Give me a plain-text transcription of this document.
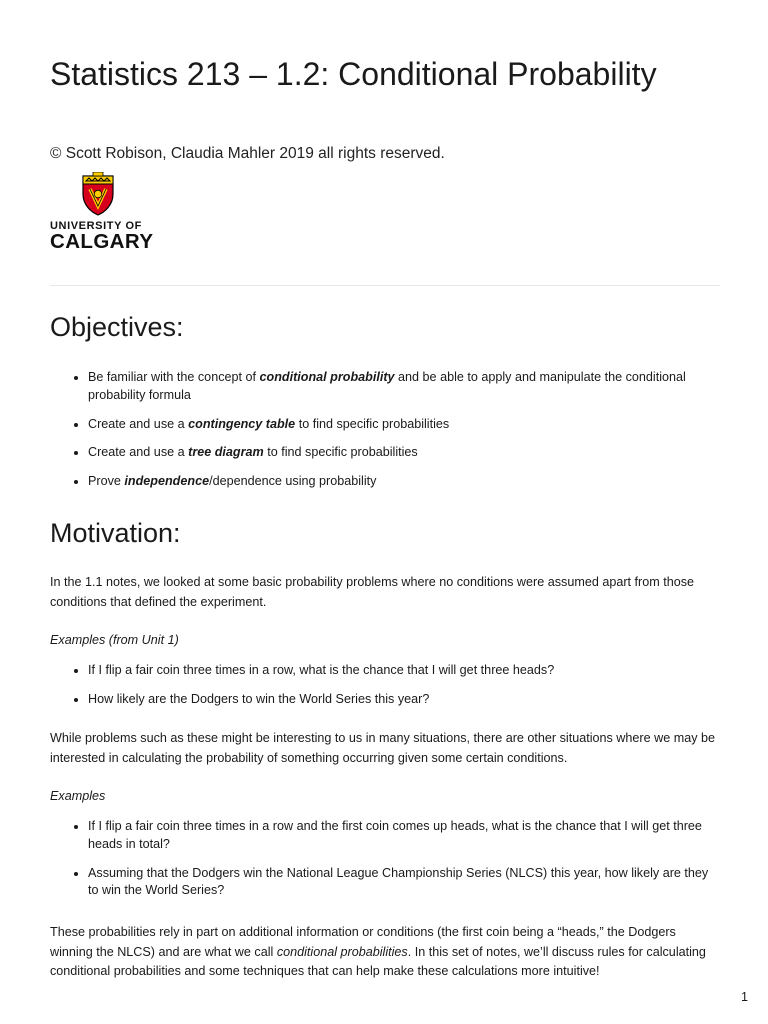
Statistics 213 – 1.2: Conditional Probability

© Scott Robison, Claudia Mahler 2019 all rights reserved.

UNIVERSITY OF
CALGARY
Objectives:
• Be familiar with the concept of conditional probability and be able to apply and manipulate the conditional probability formula
• Create and use a contingency table to find specific probabilities
• Create and use a tree diagram to find specific probabilities
• Prove independence/dependence using probability
Motivation:

In the 1.1 notes, we looked at some basic probability problems where no conditions were assumed apart from those conditions that defined the experiment.

Examples (from Unit 1)

• If I flip a fair coin three times in a row, what is the chance that I will get three heads?
• How likely are the Dodgers to win the World Series this year?

While problems such as these might be interesting to us in many situations, there are other situations where we may be interested in calculating the probability of something occurring given some certain conditions.

Examples

• If I flip a fair coin three times in a row and the first coin comes up heads, what is the chance that I will get three heads in total?
• Assuming that the Dodgers win the National League Championship Series (NLCS) this year, how likely are they to win the World Series?

These probabilities rely in part on additional information or conditions (the first coin being a “heads,” the Dodgers winning the NLCS) and are what we call conditional probabilities. In this set of notes, we’ll discuss rules for calculating conditional probabilities and some techniques that can help make these calculations more intuitive!

1
